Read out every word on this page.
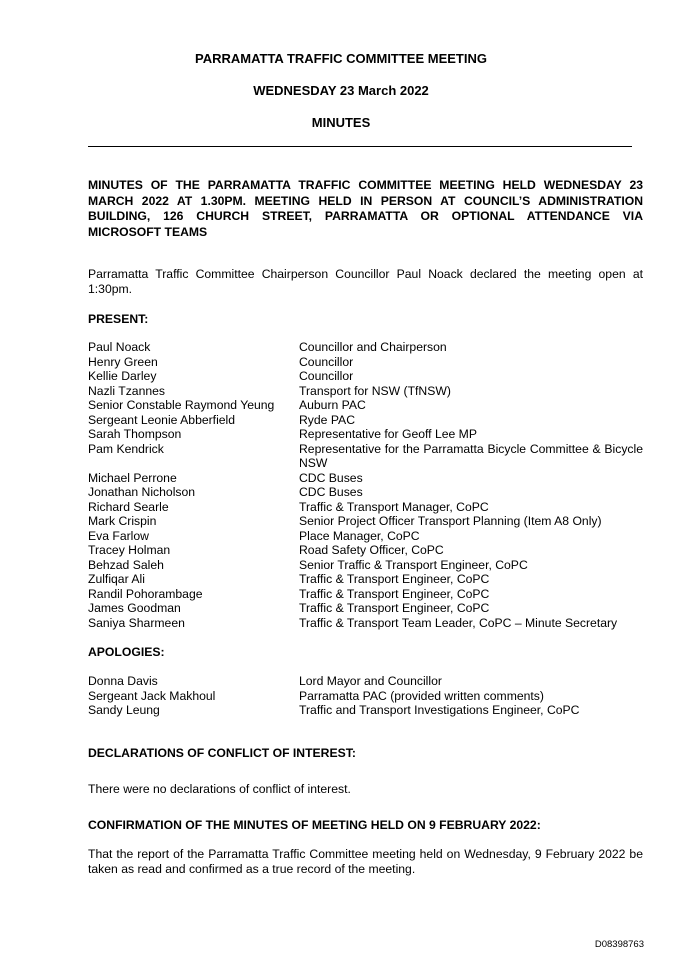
PARRAMATTA TRAFFIC COMMITTEE MEETING
WEDNESDAY 23 March 2022
MINUTES
MINUTES OF THE PARRAMATTA TRAFFIC COMMITTEE MEETING HELD WEDNESDAY 23 MARCH 2022 AT 1.30PM. MEETING HELD IN PERSON AT COUNCIL’S ADMINISTRATION BUILDING, 126 CHURCH STREET, PARRAMATTA OR OPTIONAL ATTENDANCE VIA MICROSOFT TEAMS
Parramatta Traffic Committee Chairperson Councillor Paul Noack declared the meeting open at 1:30pm.
PRESENT:
Paul Noack	Councillor and Chairperson
Henry Green	Councillor
Kellie Darley	Councillor
Nazli Tzannes	Transport for NSW (TfNSW)
Senior Constable Raymond Yeung	Auburn PAC
Sergeant Leonie Abberfield	Ryde PAC
Sarah Thompson	Representative for Geoff Lee MP
Pam Kendrick	Representative for the Parramatta Bicycle Committee & Bicycle NSW
Michael Perrone	CDC Buses
Jonathan Nicholson	CDC Buses
Richard Searle	Traffic & Transport Manager, CoPC
Mark Crispin	Senior Project Officer Transport Planning (Item A8 Only)
Eva Farlow	Place Manager, CoPC
Tracey Holman	Road Safety Officer, CoPC
Behzad Saleh	Senior Traffic & Transport Engineer, CoPC
Zulfiqar Ali	Traffic & Transport Engineer, CoPC
Randil Pohorambage	Traffic & Transport Engineer, CoPC
James Goodman	Traffic & Transport Engineer, CoPC
Saniya Sharmeen	Traffic & Transport Team Leader, CoPC – Minute Secretary
APOLOGIES:
Donna Davis	Lord Mayor and Councillor
Sergeant Jack Makhoul	Parramatta PAC (provided written comments)
Sandy Leung	Traffic and Transport Investigations Engineer, CoPC
DECLARATIONS OF CONFLICT OF INTEREST:
There were no declarations of conflict of interest.
CONFIRMATION OF THE MINUTES OF MEETING HELD ON 9 FEBRUARY 2022:
That the report of the Parramatta Traffic Committee meeting held on Wednesday, 9 February 2022 be taken as read and confirmed as a true record of the meeting.
D08398763
